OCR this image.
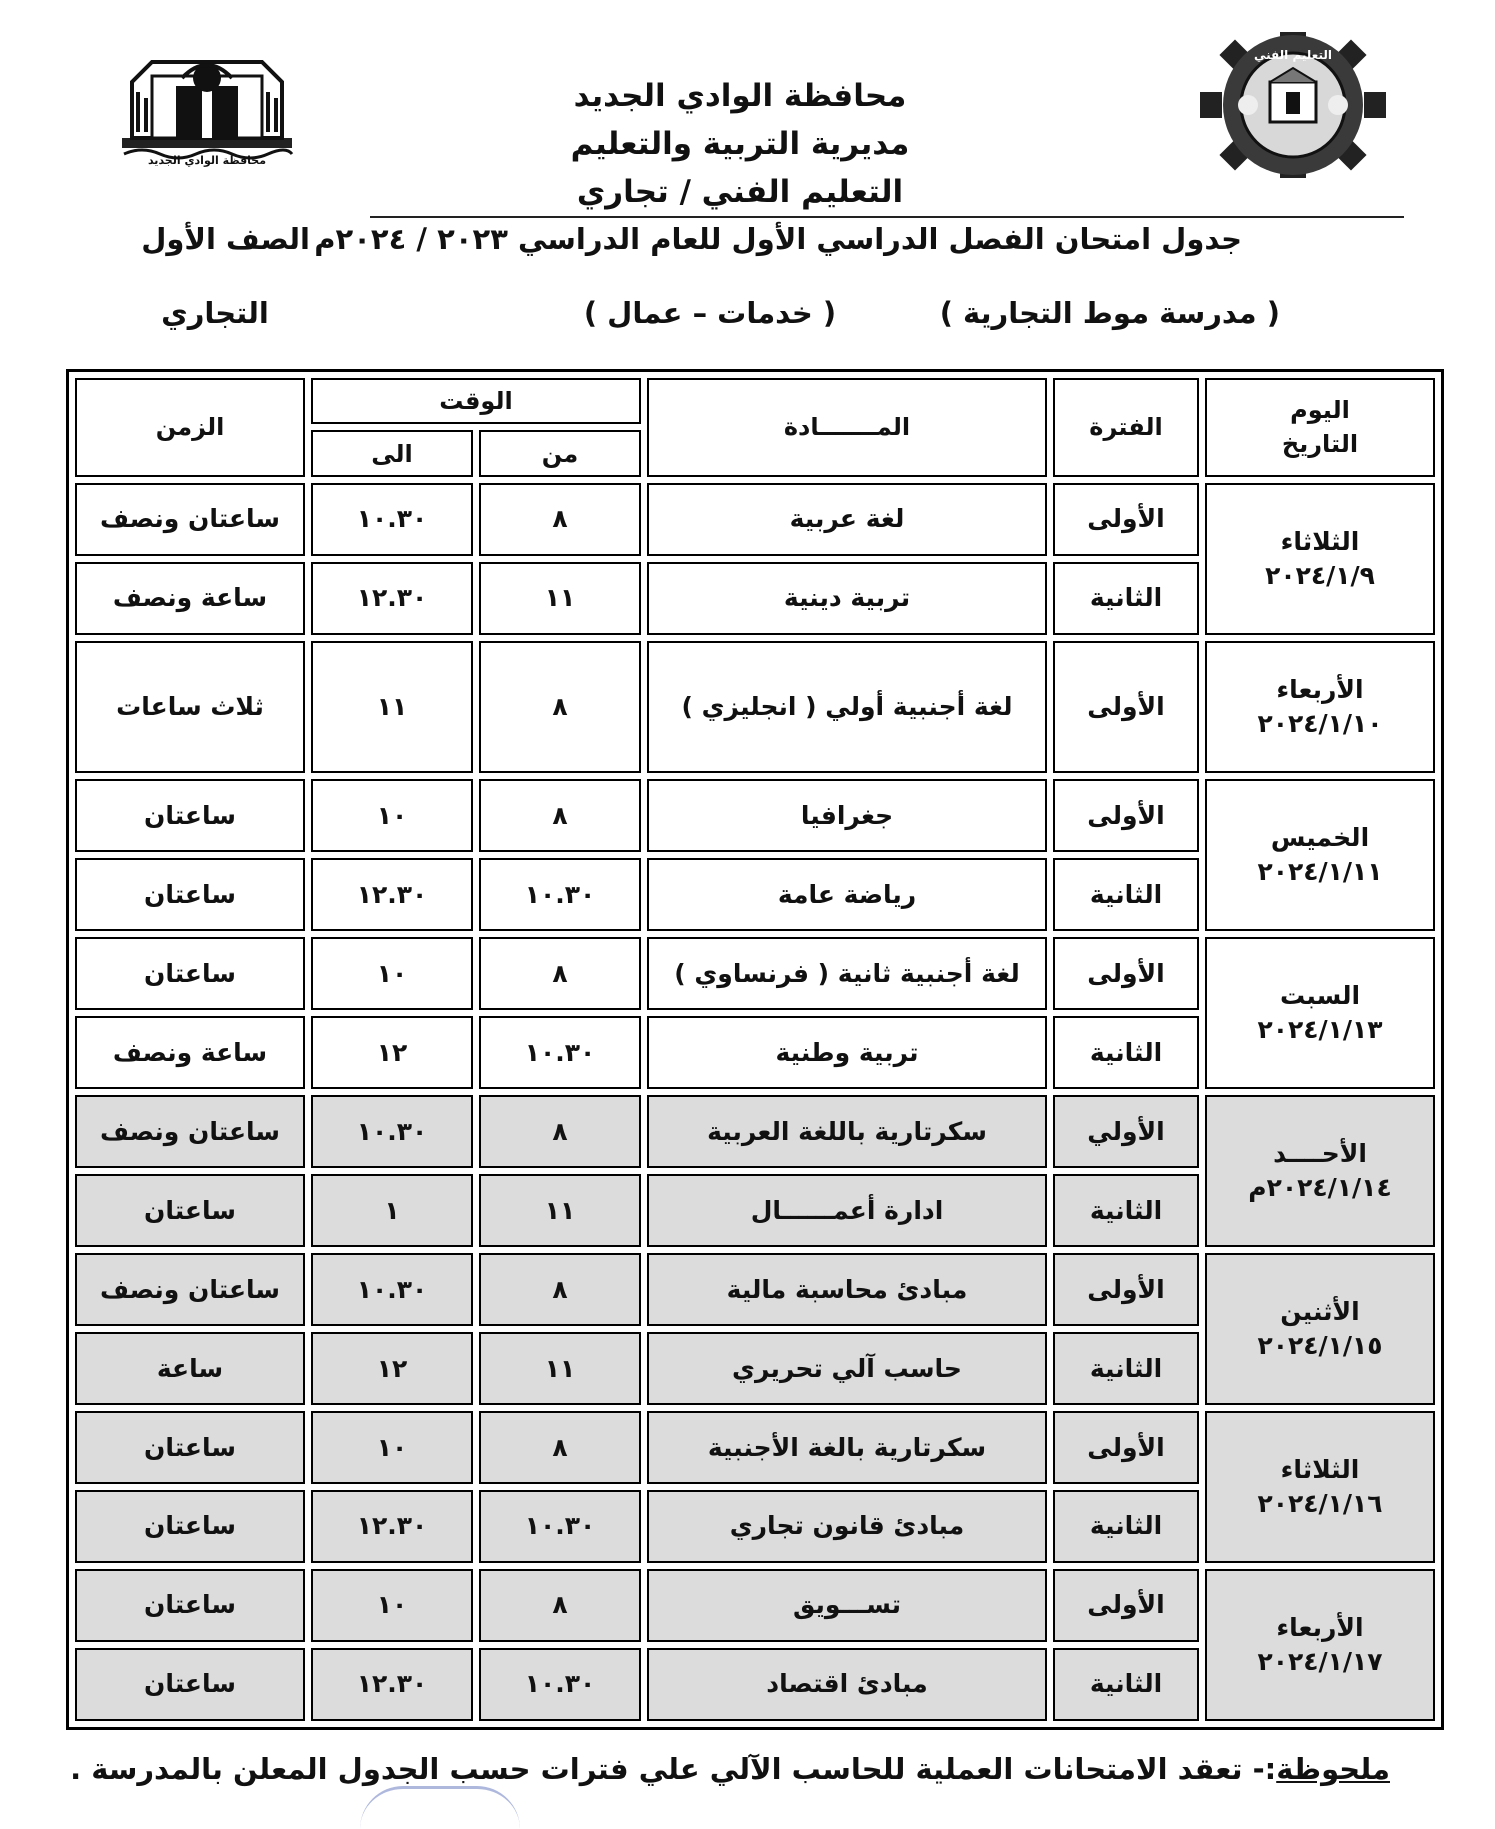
محافظة الوادي الجديد
التعليم الفني
محافظة الوادي الجديد
مديرية التربية والتعليم
التعليم الفني / تجاري
جدول امتحان الفصل الدراسي الأول للعام الدراسي ٢٠٢٣ / ٢٠٢٤م
الصف الأول
( مدرسة موط التجارية )
( خدمات – عمال )
التجاري
اليوم
التاريخ	الفترة	المـــــــادة	الوقت		الزمن
			من	الى	

الثلاثاء
٢٠٢٤/١/٩	الأولى	لغة عربية	٨	١٠.٣٠	ساعتان ونصف
	الثانية	تربية دينية	١١	١٢.٣٠	ساعة ونصف

الأربعاء
٢٠٢٤/١/١٠	الأولى	لغة أجنبية أولي ( انجليزي )	٨	١١	ثلاث ساعات

الخميس
٢٠٢٤/١/١١	الأولى	جغرافيا	٨	١٠	ساعتان
	الثانية	رياضة عامة	١٠.٣٠	١٢.٣٠	ساعتان

السبت
٢٠٢٤/١/١٣	الأولى	لغة أجنبية ثانية ( فرنساوي )	٨	١٠	ساعتان
	الثانية	تربية وطنية	١٠.٣٠	١٢	ساعة ونصف

الأحــــد
٢٠٢٤/١/١٤م	الأولي	سكرتارية باللغة العربية	٨	١٠.٣٠	ساعتان ونصف
	الثانية	ادارة أعمــــــال	١١	١	ساعتان

الأثنين
٢٠٢٤/١/١٥	الأولى	مبادئ محاسبة مالية	٨	١٠.٣٠	ساعتان ونصف
	الثانية	حاسب آلي تحريري	١١	١٢	ساعة

الثلاثاء
٢٠٢٤/١/١٦	الأولى	سكرتارية بالغة الأجنبية	٨	١٠	ساعتان
	الثانية	مبادئ قانون تجاري	١٠.٣٠	١٢.٣٠	ساعتان

الأربعاء
٢٠٢٤/١/١٧	الأولى	تســـويق	٨	١٠	ساعتان
	الثانية	مبادئ اقتصاد	١٠.٣٠	١٢.٣٠	ساعتان
ملحوظة:- تعقد الامتحانات العملية للحاسب الآلي علي فترات حسب الجدول المعلن بالمدرسة .
